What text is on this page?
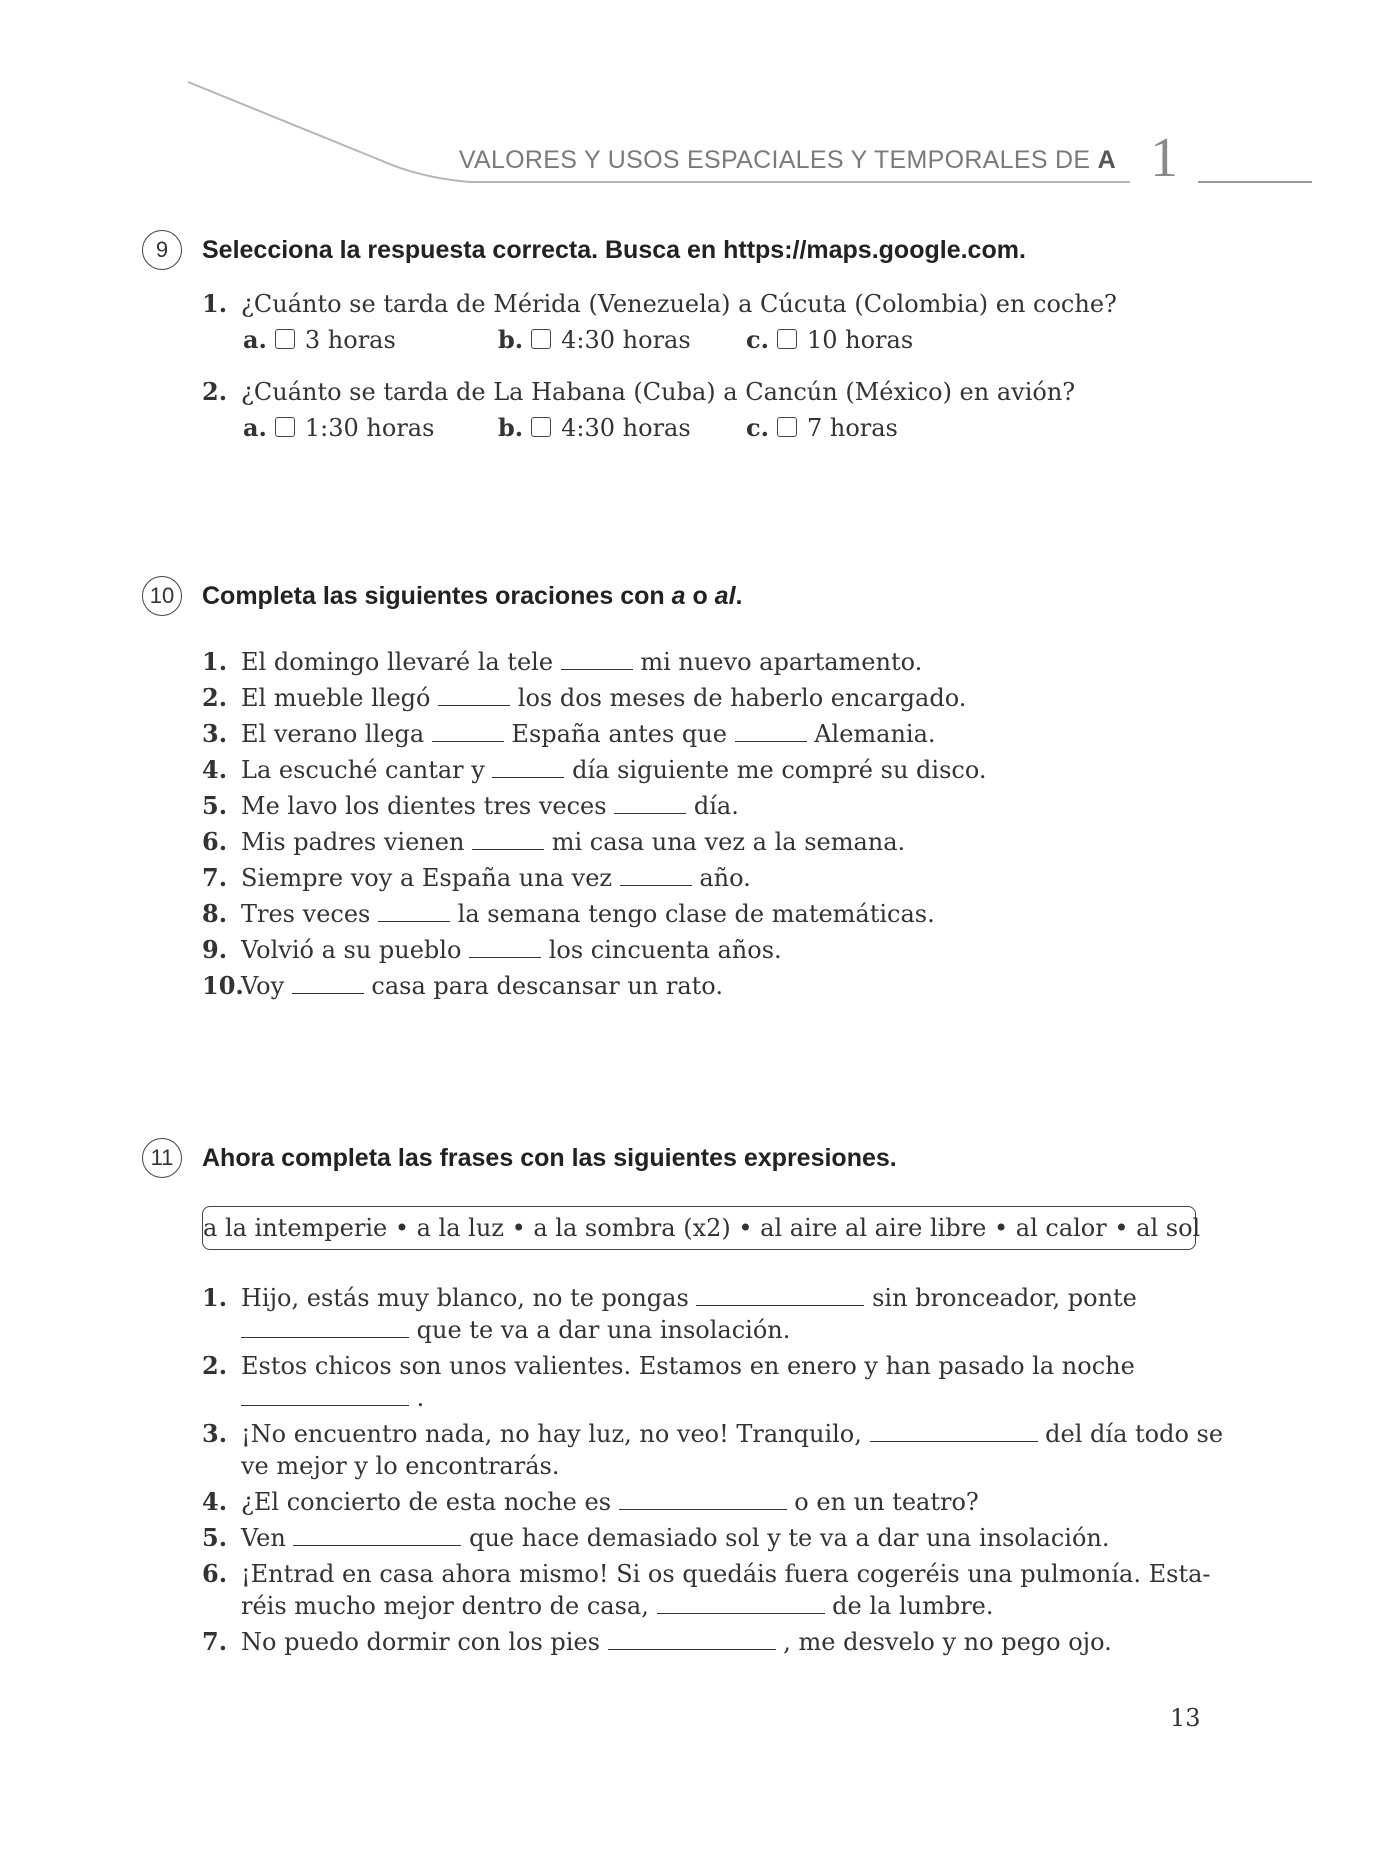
VALORES Y USOS ESPACIALES Y TEMPORALES DE A 1
9	Selecciona la respuesta correcta. Busca en https://maps.google.com.
1. ¿Cuánto se tarda de Mérida (Venezuela) a Cúcuta (Colombia) en coche?
a. 3 horas	b. 4:30 horas c. 10 horas
2. ¿Cuánto se tarda de La Habana (Cuba) a Cancún (México) en avión?
a. 1:30 horas	b. 4:30 horas c. 7 horas
10	Completa las siguientes oraciones con a o al.
1. El domingo llevaré la tele	mi nuevo apartamento.
2. El mueble llegó	los dos meses de haberlo encargado.
3. El verano llega	España antes que	Alemania.
4. La escuché cantar y	día siguiente me compré su disco.
5. Me lavo los dientes tres veces	día.
6. Mis padres vienen	mi casa una vez a la semana.
7. Siempre voy a España una vez	año.
8. Tres veces	la semana tengo clase de matemáticas.
9. Volvió a su pueblo	los cincuenta años.
10.
Voy	casa para descansar un rato.
11	Ahora completa las frases con las siguientes expresiones.
a la intemperie • a la luz • a la sombra (x2) • al aire al aire libre • al calor • al sol
1. Hijo, estás muy blanco, no te pongas	sin bronceador, ponte
que te va a dar una insolación.
2. Estos chicos son unos valientes. Estamos en enero y han pasado la noche
.
3. ¡No encuentro nada, no hay luz, no veo! Tranquilo,	del día todo se
ve mejor y lo encontrarás.
4. ¿El concierto de esta noche es	o en un teatro?
5. Ven	que hace demasiado sol y te va a dar una insolación.
6. ¡Entrad en casa ahora mismo! Si os quedáis fuera cogeréis una pulmonía. Esta-
réis mucho mejor dentro de casa,	de la lumbre.
7. No puedo dormir con los pies	, me desvelo y no pego ojo.
13
